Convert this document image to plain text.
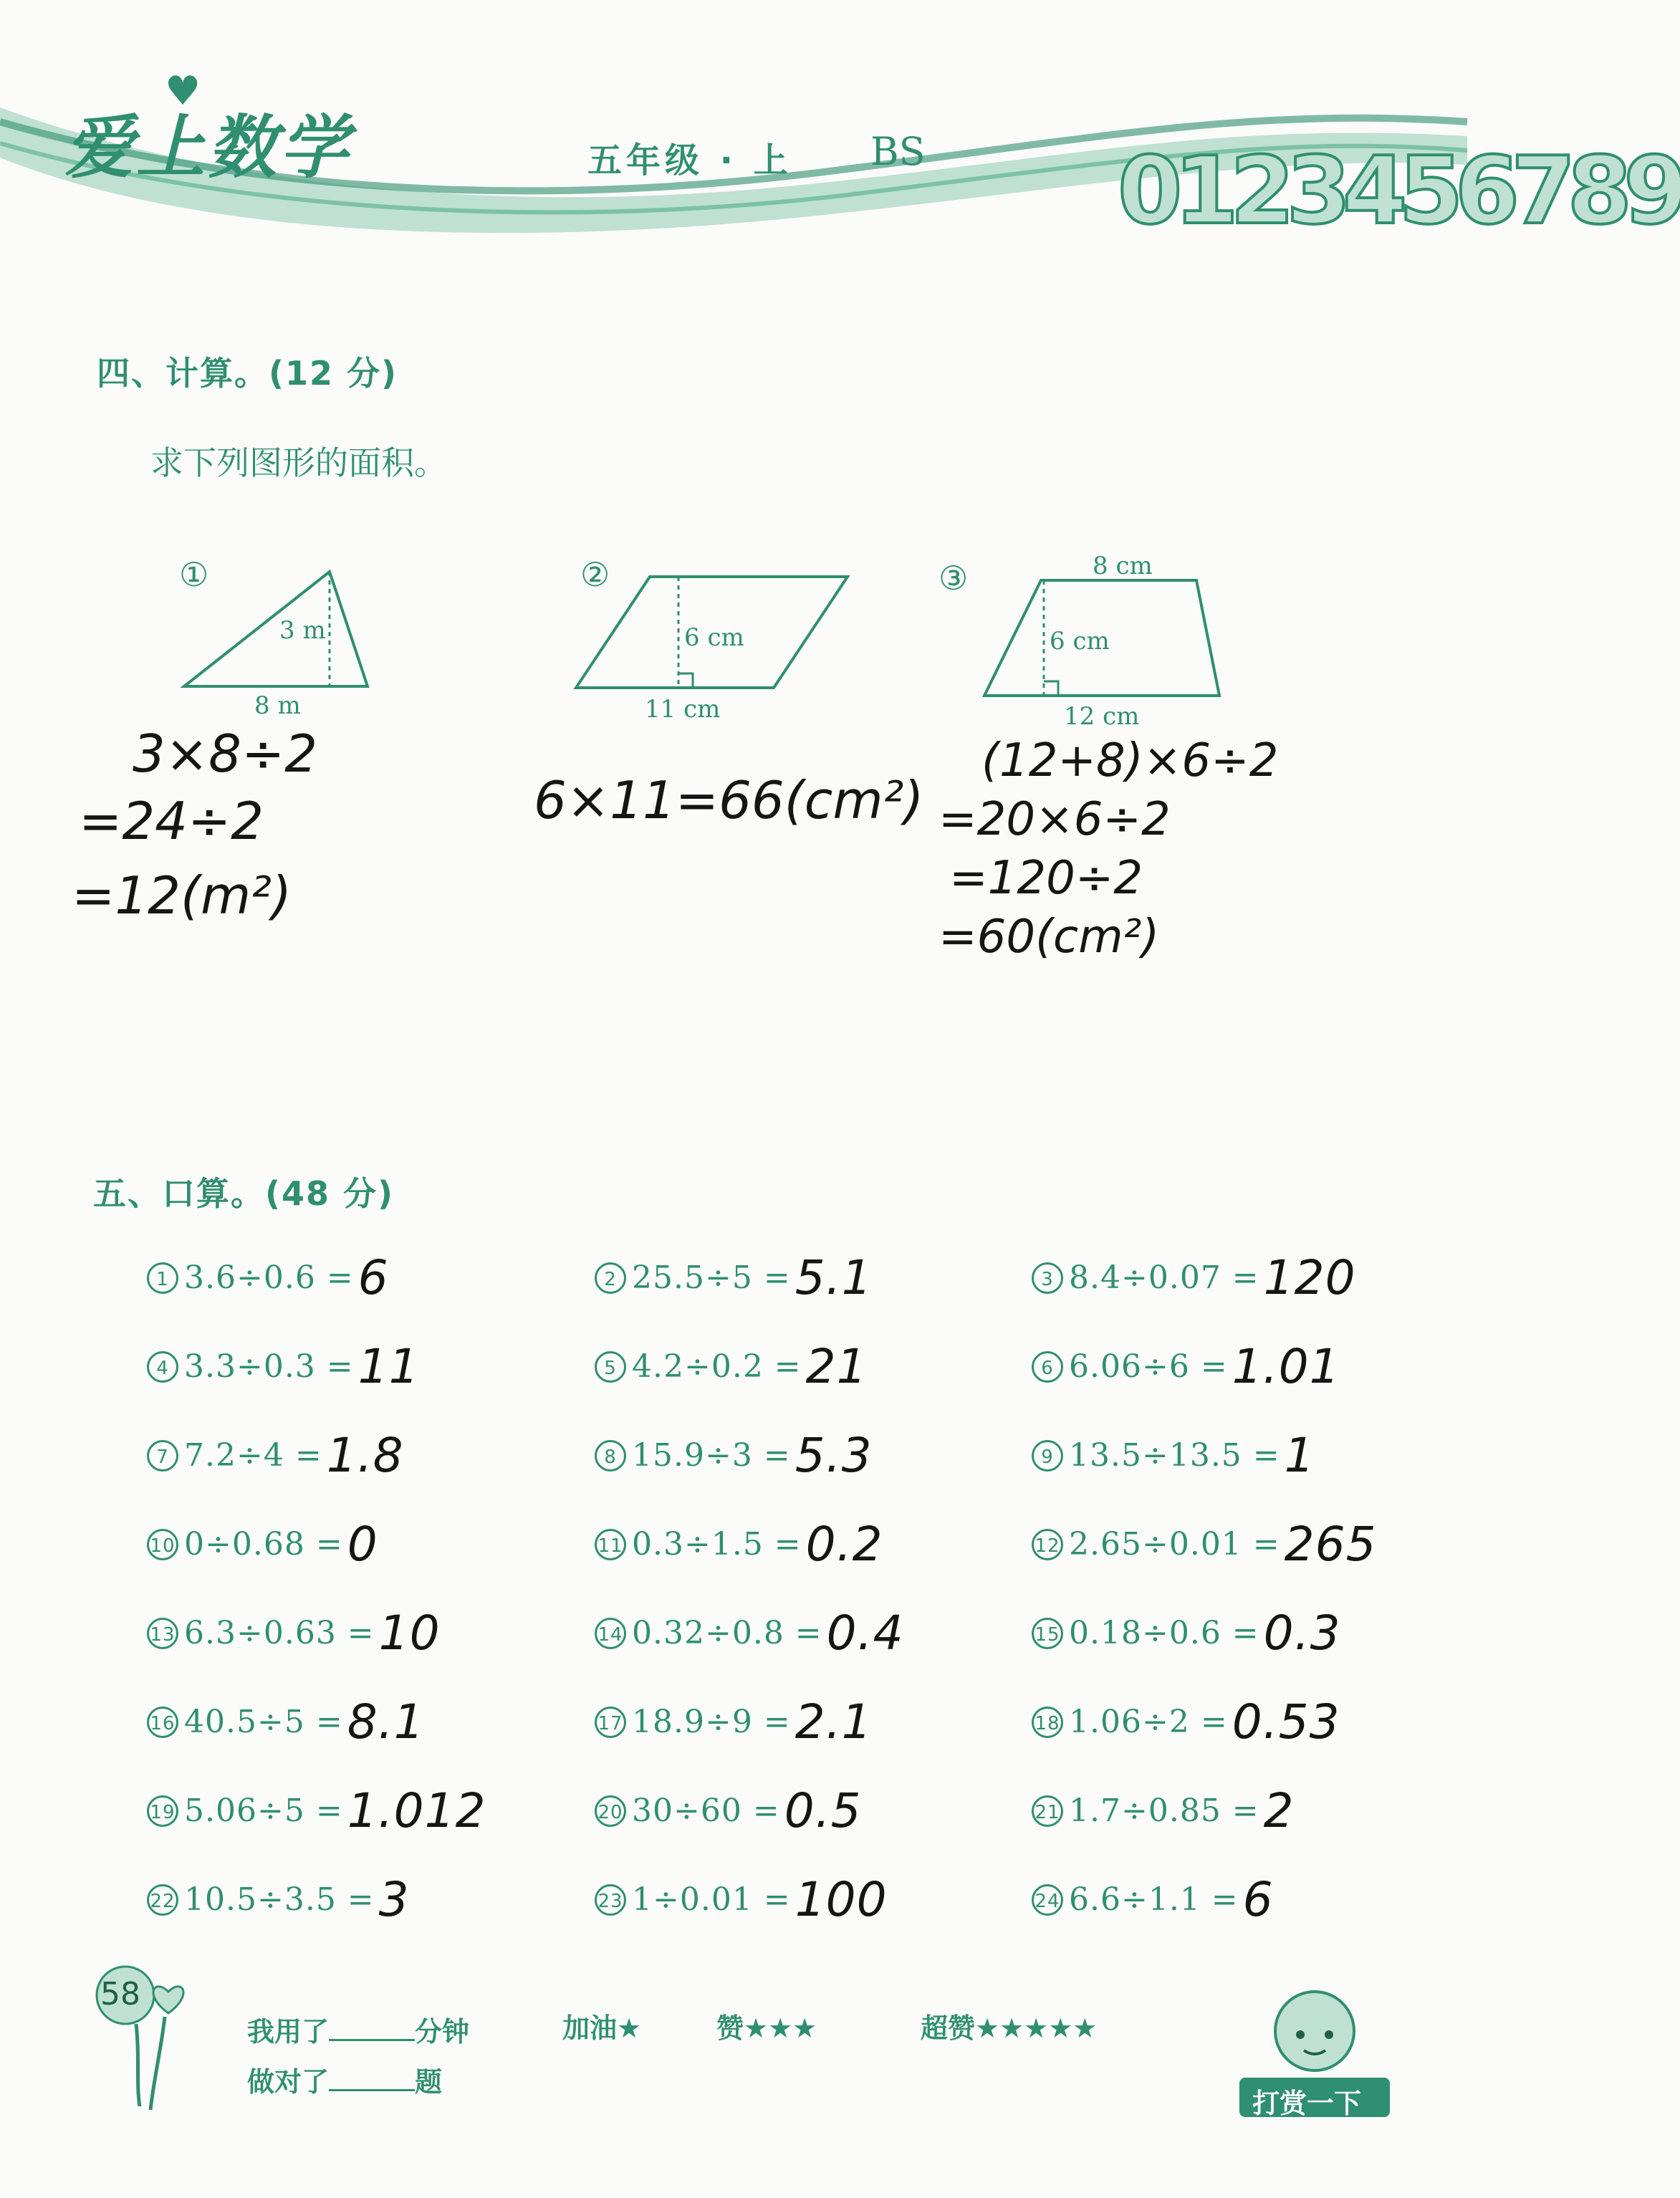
爱上数学
♥
五年级 · 上 BS 0123456789
四、计算。(12 分)
求下列图形的面积。
①
3 m
8 m
②
6 cm
11 cm
③	8 cm
6 cm
12 cm
3×8÷2
=24÷2
=12(m²)
6×11=66(cm²)
(12+8)×6÷2
=20×6÷2
=120÷2
=60(cm²)
五、口算。(48 分)
1 3.6÷0.6 =6	2 25.5÷5 =5.1	3 8.4÷0.07 =120
4 3.3÷0.3 =11	5 4.2÷0.2 =21	6 6.06÷6 =1.01
7 7.2÷4 =1.8	8 15.9÷3 =5.3	9 13.5÷13.5 =1
10 0÷0.68 =0	11 0.3÷1.5 =0.2	12 2.65÷0.01 =265
13 6.3÷0.63 =10	14 0.32÷0.8 =0.4	15 0.18÷0.6 =0.3
16 40.5÷5 =8.1	17 18.9÷9 =2.1	18 1.06÷2 =0.53
19 5.06÷5 =1.012	20 30÷60 =0.5	21 1.7÷0.85 =2
22 10.5÷3.5 =3	23 1÷0.01 =100	24 6.6÷1.1 =6
58
我用了	分钟
做对了	题
加油★	赞★★★	超赞★★★★★
打赏一下
